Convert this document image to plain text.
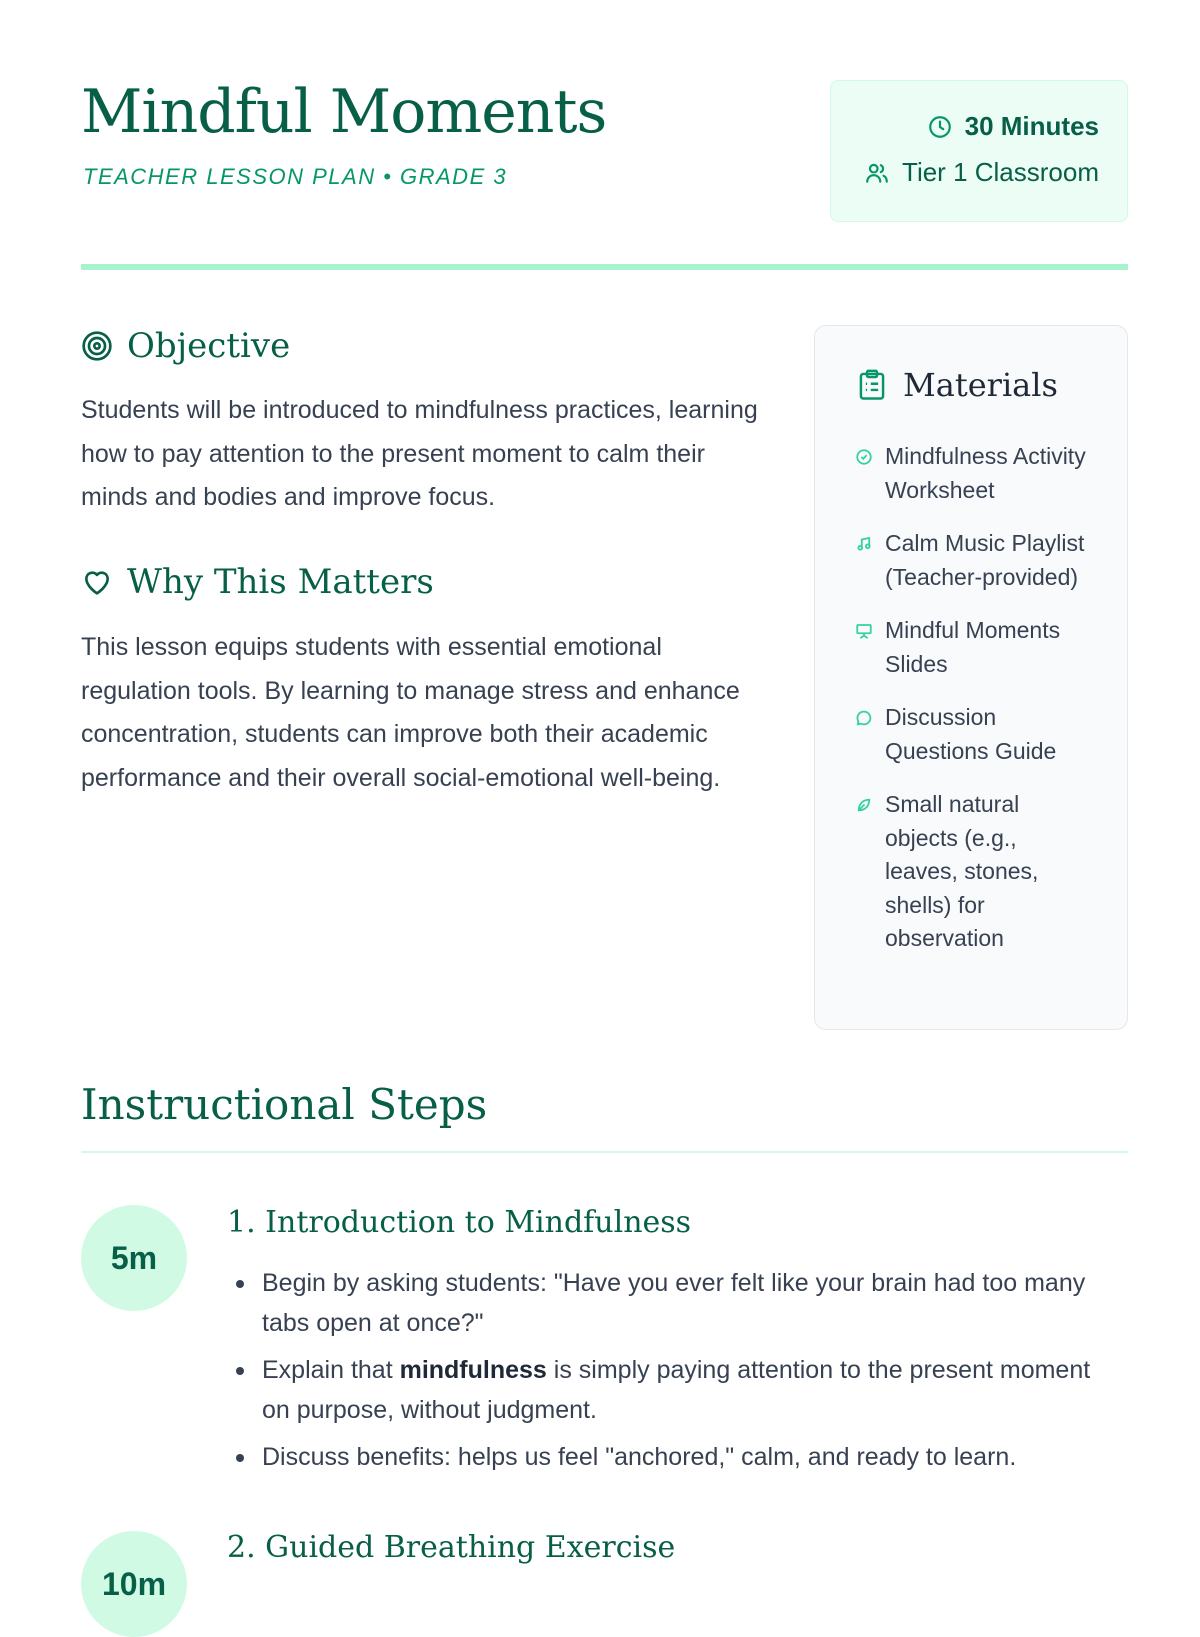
Mindful Moments
TEACHER LESSON PLAN • GRADE 3
30 Minutes
Tier 1 Classroom
Objective

Students will be introduced to mindfulness practices, learning how to pay attention to the present moment to calm their minds and bodies and improve focus.

Why This Matters

This lesson equips students with essential emotional regulation tools. By learning to manage stress and enhance concentration, students can improve both their academic performance and their overall social-emotional well-being.

Materials
Mindfulness Activity Worksheet
Calm Music Playlist (Teacher-provided)
Mindful Moments Slides
Discussion Questions Guide
Small natural objects (e.g., leaves, stones, shells) for observation
Instructional Steps
5m
1. Introduction to Mindfulness
Begin by asking students: "Have you ever felt like your brain had too many tabs open at once?"
Explain that mindfulness is simply paying attention to the present moment on purpose, without judgment.
Discuss benefits: helps us feel "anchored," calm, and ready to learn.
10m
2. Guided Breathing Exercise
